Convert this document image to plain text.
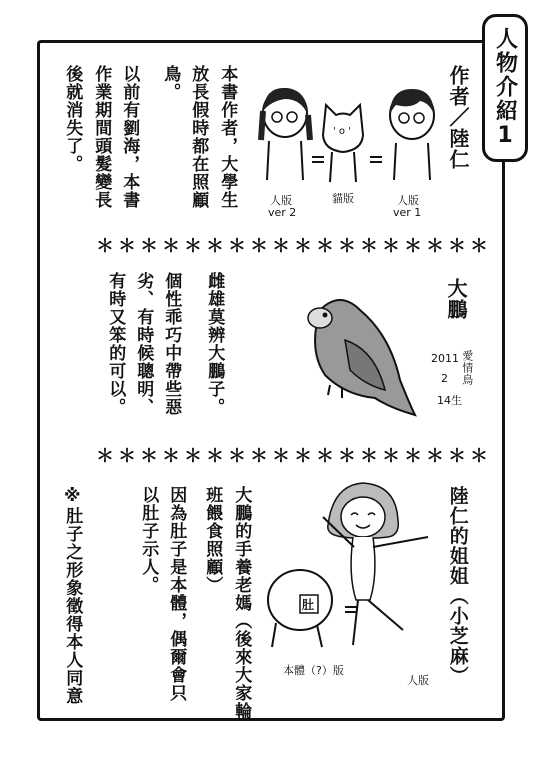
人物介紹1
作者／陸仁
本書作者，大學生
放長假時都在照顧
鳥。
以前有劉海，本書
作業期間頭髮變長
後就消失了。	' o '
人版
ver 2
貓版	人版
ver 1
＊＊＊＊＊＊＊＊＊＊＊＊＊＊＊＊＊＊
大鵬
2011
2
14生
愛情鳥
雌雄莫辨大鵬子。
個性乖巧中帶些惡
劣、有時候聰明、
有時又笨的可以。
＊＊＊＊＊＊＊＊＊＊＊＊＊＊＊＊＊＊
陸仁的姐姐（小芝麻）
大鵬的手養老媽（後來大家輪
班餵食照顧）
因為肚子是本體，偶爾會只
以肚子示人。
※肚子之形象徵得本人同意	肚
本體（?）版
人版
